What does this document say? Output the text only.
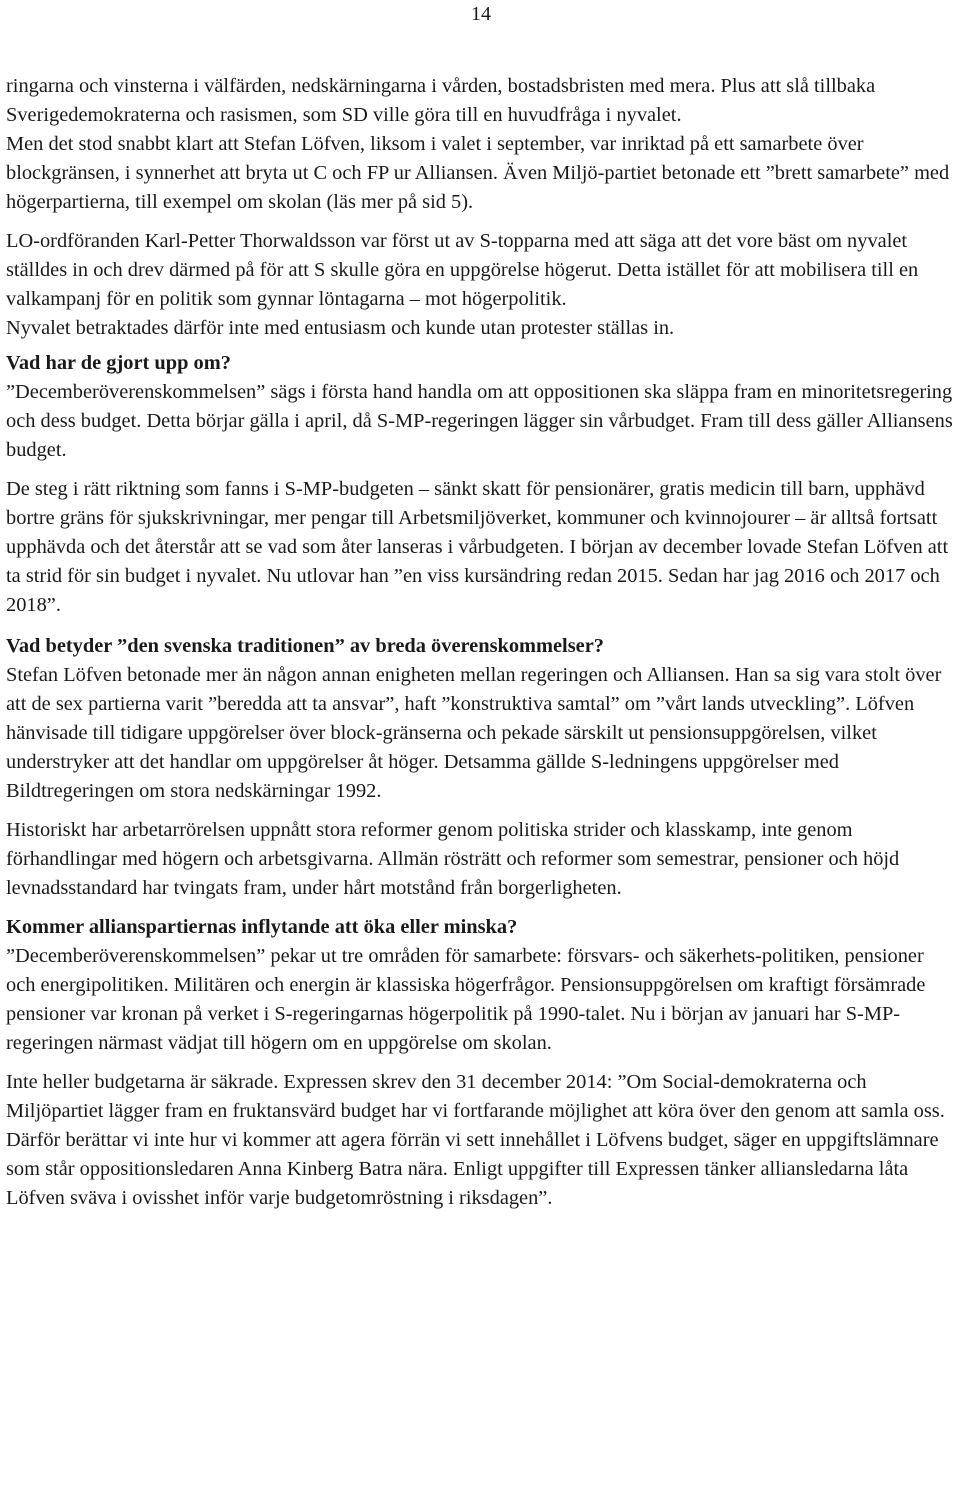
14

ringarna och vinsterna i välfärden, nedskärningarna i vården, bostadsbristen med mera. Plus att slå tillbaka Sverigedemokraterna och rasismen, som SD ville göra till en huvudfråga i nyvalet.

Men det stod snabbt klart att Stefan Löfven, liksom i valet i september, var inriktad på ett samarbete över blockgränsen, i synnerhet att bryta ut C och FP ur Alliansen. Även Miljö-partiet betonade ett ”brett samarbete” med högerpartierna, till exempel om skolan (läs mer på sid 5).

LO-ordföranden Karl-Petter Thorwaldsson var först ut av S-topparna med att säga att det vore bäst om nyvalet ställdes in och drev därmed på för att S skulle göra en uppgörelse högerut. Detta istället för att mobilisera till en valkampanj för en politik som gynnar löntagarna – mot högerpolitik.

Nyvalet betraktades därför inte med entusiasm och kunde utan protester ställas in.

Vad har de gjort upp om?

”Decemberöverenskommelsen” sägs i första hand handla om att oppositionen ska släppa fram en minoritetsregering och dess budget. Detta börjar gälla i april, då S-MP-regeringen lägger sin vårbudget. Fram till dess gäller Alliansens budget.

De steg i rätt riktning som fanns i S-MP-budgeten – sänkt skatt för pensionärer, gratis medicin till barn, upphävd bortre gräns för sjukskrivningar, mer pengar till Arbetsmiljöverket, kommuner och kvinnojourer – är alltså fortsatt upphävda och det återstår att se vad som åter lanseras i vårbudgeten. I början av december lovade Stefan Löfven att ta strid för sin budget i nyvalet. Nu utlovar han ”en viss kursändring redan 2015. Sedan har jag 2016 och 2017 och 2018”.

Vad betyder ”den svenska traditionen” av breda överenskommelser?

Stefan Löfven betonade mer än någon annan enigheten mellan regeringen och Alliansen. Han sa sig vara stolt över att de sex partierna varit ”beredda att ta ansvar”, haft ”konstruktiva samtal” om ”vårt lands utveckling”. Löfven hänvisade till tidigare uppgörelser över block-gränserna och pekade särskilt ut pensionsuppgörelsen, vilket understryker att det handlar om uppgörelser åt höger. Detsamma gällde S-ledningens uppgörelser med Bildtregeringen om stora nedskärningar 1992.

Historiskt har arbetarrörelsen uppnått stora reformer genom politiska strider och klasskamp, inte genom förhandlingar med högern och arbetsgivarna. Allmän rösträtt och reformer som semestrar, pensioner och höjd levnadsstandard har tvingats fram, under hårt motstånd från borgerligheten.

Kommer allianspartiernas inflytande att öka eller minska?

”Decemberöverenskommelsen” pekar ut tre områden för samarbete: försvars- och säkerhets-politiken, pensioner och energipolitiken. Militären och energin är klassiska högerfrågor. Pensionsuppgörelsen om kraftigt försämrade pensioner var kronan på verket i S-regeringarnas högerpolitik på 1990-talet. Nu i början av januari har S-MP-regeringen närmast vädjat till högern om en uppgörelse om skolan.

Inte heller budgetarna är säkrade. Expressen skrev den 31 december 2014: ”Om Social-demokraterna och Miljöpartiet lägger fram en fruktansvärd budget har vi fortfarande möjlighet att köra över den genom att samla oss. Därför berättar vi inte hur vi kommer att agera förrän vi sett innehållet i Löfvens budget, säger en uppgiftslämnare som står oppositionsledaren Anna Kinberg Batra nära. Enligt uppgifter till Expressen tänker alliansledarna låta Löfven sväva i ovisshet inför varje budgetomröstning i riksdagen”.
